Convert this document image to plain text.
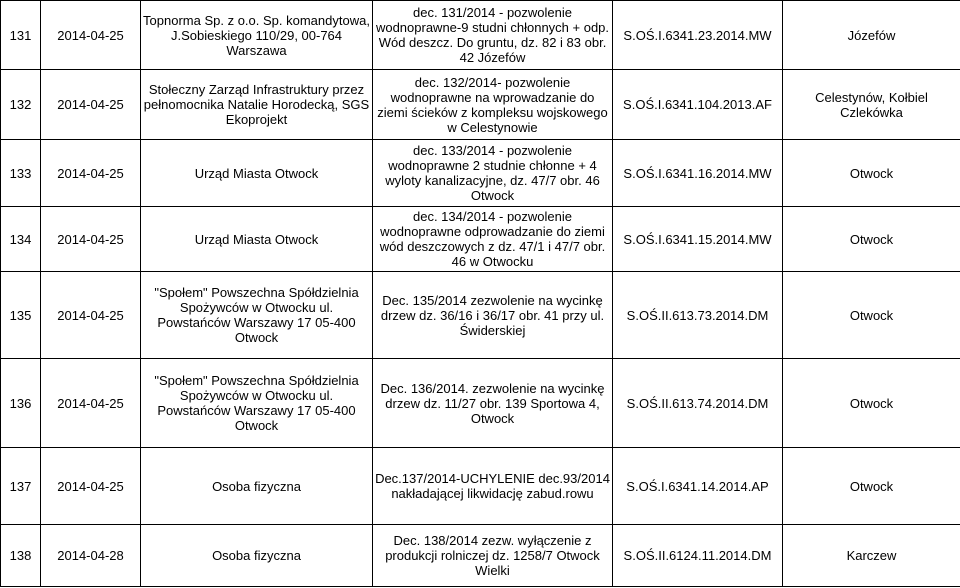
131	2014-04-25	Topnorma Sp. z o.o. Sp. komandytowa, J.Sobieskiego 110/29, 00-764 Warszawa	dec. 131/2014 - pozwolenie wodnoprawne-9 studni chłonnych + odp. Wód deszcz. Do gruntu, dz. 82 i 83 obr. 42 Józefów	S.OŚ.I.6341.23.2014.MW	Józefów
132	2014-04-25	Stołeczny Zarząd Infrastruktury przez pełnomocnika Natalie Horodecką, SGS Ekoprojekt	dec. 132/2014- pozwolenie wodnoprawne na wprowadzanie do ziemi ścieków z kompleksu wojskowego w Celestynowie	S.OŚ.I.6341.104.2013.AF	Celestynów, Kołbiel Czlekówka
133	2014-04-25	Urząd Miasta Otwock	dec. 133/2014 - pozwolenie wodnoprawne 2 studnie chłonne + 4 wyloty kanalizacyjne, dz. 47/7 obr. 46 Otwock	S.OŚ.I.6341.16.2014.MW	Otwock
134	2014-04-25	Urząd Miasta Otwock	dec. 134/2014 - pozwolenie wodnoprawne odprowadzanie do ziemi wód deszczowych z dz. 47/1 i 47/7 obr. 46 w Otwocku	S.OŚ.I.6341.15.2014.MW	Otwock
135	2014-04-25	"Społem" Powszechna Spółdzielnia Spożywców w Otwocku ul. Powstańców Warszawy 17 05-400 Otwock	Dec. 135/2014 zezwolenie na wycinkę drzew dz. 36/16 i 36/17 obr. 41 przy ul. Świderskiej	S.OŚ.II.613.73.2014.DM	Otwock
136	2014-04-25	"Społem" Powszechna Spółdzielnia Spożywców w Otwocku ul. Powstańców Warszawy 17 05-400 Otwock	Dec. 136/2014. zezwolenie na wycinkę drzew dz. 11/27 obr. 139 Sportowa 4, Otwock	S.OŚ.II.613.74.2014.DM	Otwock
137	2014-04-25	Osoba fizyczna	Dec.137/2014-UCHYLENIE dec.93/2014 nakładającej likwidację zabud.rowu	S.OŚ.I.6341.14.2014.AP	Otwock
138	2014-04-28	Osoba fizyczna	Dec. 138/2014 zezw. wyłączenie z produkcji rolniczej dz. 1258/7 Otwock Wielki	S.OŚ.II.6124.11.2014.DM	Karczew
